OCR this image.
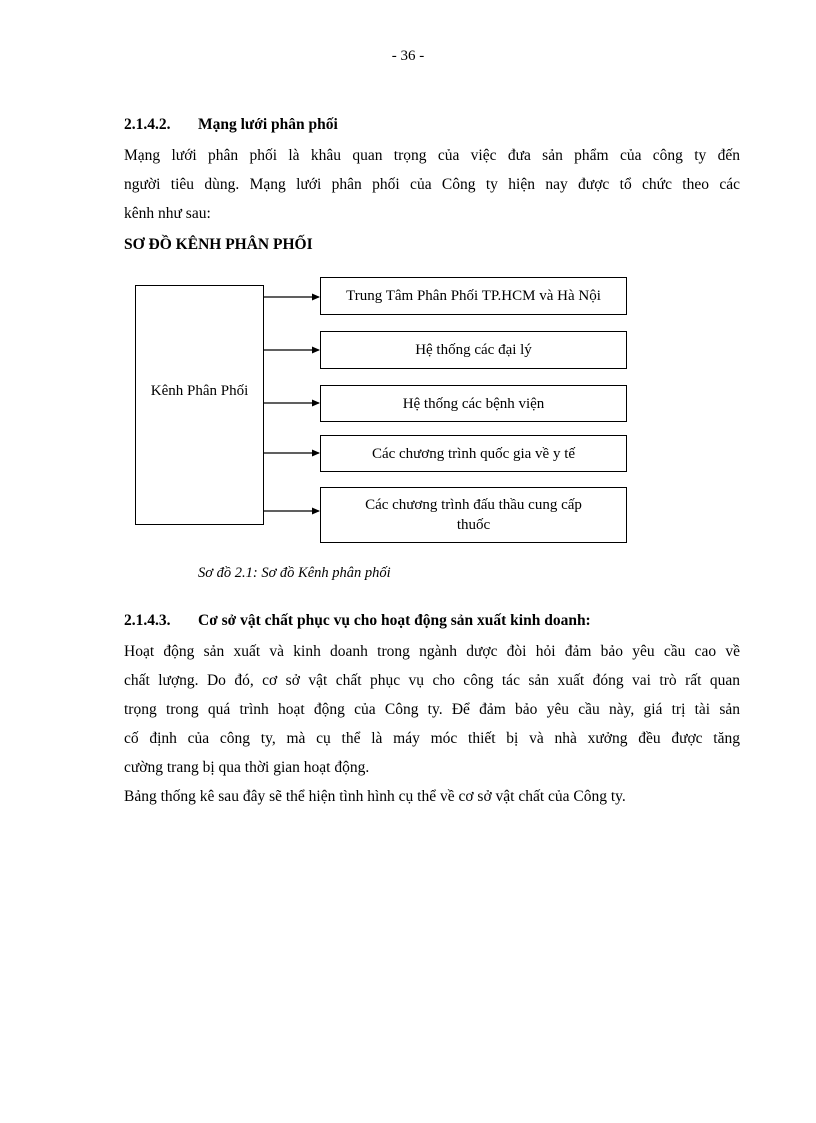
- 36 -
2.1.4.2. Mạng lưới phân phối
Mạng lưới phân phối là khâu quan trọng của việc đưa sản phẩm của công ty đến
người tiêu dùng. Mạng lưới phân phối của Công ty hiện nay được tổ chức theo các
kênh như sau:
SƠ ĐỒ KÊNH PHÂN PHỐI
Kênh Phân Phối
Trung Tâm Phân Phối TP.HCM và Hà Nội
Hệ thống các đại lý
Hệ thống các bệnh viện
Các chương trình quốc gia về y tế
Các chương trình đấu thầu cung cấp thuốc
Sơ đồ 2.1: Sơ đồ Kênh phân phối
2.1.4.3. Cơ sở vật chất phục vụ cho hoạt động sản xuất kinh doanh:
Hoạt động sản xuất và kinh doanh trong ngành dược đòi hỏi đảm bảo yêu cầu cao về
chất lượng. Do đó, cơ sở vật chất phục vụ cho công tác sản xuất đóng vai trò rất quan
trọng trong quá trình hoạt động của Công ty. Để đảm bảo yêu cầu này, giá trị tài sản
cố định của công ty, mà cụ thể là máy móc thiết bị và nhà xưởng đều được tăng
cường trang bị qua thời gian hoạt động.
Bảng thống kê sau đây sẽ thể hiện tình hình cụ thể về cơ sở vật chất của Công ty.
